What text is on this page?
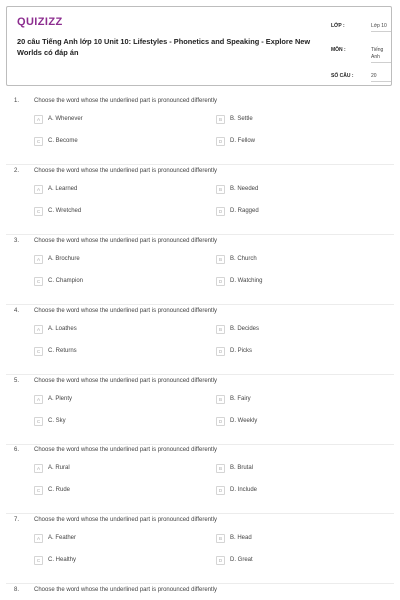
QUIZIZZ
20 câu Tiếng Anh lớp 10 Unit 10: Lifestyles - Phonetics and Speaking - Explore New Worlds có đáp án
LỚP :	Lớp 10
MÔN :	Tiếng Anh
SỐ CÂU :	20
1. Choose the word whose the underlined part is pronounced differently
A	A. Whenever	B	B. Settle
C	C. Become	D	D. Fellow
2. Choose the word whose the underlined part is pronounced differently
A	A. Learned	B	B. Needed
C	C. Wretched	D	D. Ragged
3. Choose the word whose the underlined part is pronounced differently
A	A. Brochure	B	B. Church
C	C. Champion	D	D. Watching
4. Choose the word whose the underlined part is pronounced differently
A	A. Loathes	B	B. Decides
C	C. Returns	D	D. Picks
5. Choose the word whose the underlined part is pronounced differently
A	A. Plenty	B	B. Fairy
C	C. Sky	D	D. Weekly
6. Choose the word whose the underlined part is pronounced differently
A	A. Rural	B	B. Brutal
C	C. Rude	D	D. Include
7. Choose the word whose the underlined part is pronounced differently
A	A. Feather	B	B. Head
C	C. Healthy	D	D. Great
8. Choose the word whose the underlined part is pronounced differently
